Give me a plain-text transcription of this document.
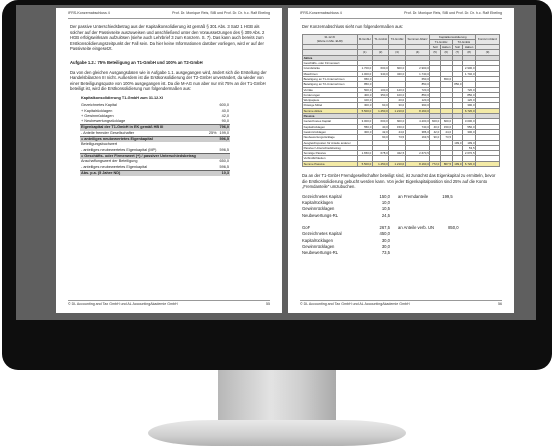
IFRS-Konzernabschluss 4	Prof. Dr. Monique Reis, StB und Prof. Dr. Dr. h.c. Ralf Ebeling

Der passive Unterschiedsbetrag aus der Kapitalkonsolidierung ist gemäß § 301 Abs. 3 Satz 1 HGB als solcher auf der Passivseite auszuweisen und anschließend unter den Voraussetzungen des § 309 Abs. 2 HGB erfolgswirksam aufzulösen (siehe auch Lehrbrief 3 zum Konzern. S. 7). Das kann auch bereits zum Erstkonsolidierungszeitpunkt der Fall sein. Da hier keine Informationen darüber vorliegen, wird er auf der Passivseite eingesetzt.

Aufgabe 1.2.: 75% Beteiligung an T1-GmbH und 100% an T2-GmbH

Da von den gleichen Ausgangsdaten wie in Aufgabe 1.1. ausgegangen wird, ändert sich die Erstellung der Handelsbilanzen III nicht. Außerdem ist die Erstkonsolidierung der T2-GmbH unverändert, da wieder von einer Beteiligungsquote von 100% ausgegangen ist. Da die M-AG nun aber nur mit 75% an der T1-GmbH beteiligt ist, wird die Erstkonsolidierung nun folgendermaßen aus:

Kapitalkonsolidierung T1-GmbH zum 31.12.XI		
Gezeichnetes Kapital		600,0
+ Kapitalrücklagen		40,0
+ Gewinnrücklagen		42,0
+ Neubewertungsrücklage		90,0
Eigenkapital der T1-GmbH in EK gemäß HB III		796,0
- Anteile fremder Gesellschafter	25%	199,0
= anteiliges neubewertetes Eigenkapital		596,5

Beteiligungsbuchwert		
- anteiliges neubewertetes Eigenkapital (MP)		596,5
= Geschäfts- oder Firmenwert (+) / passiver Unterschiedsbetrag		

Anschaffungswert der Beteiligung		650,0
- anteiliges neubewertetes Eigenkapital		596,5

Abs. p.a. (5 Jahre ND)		10,3
© DL Accounting and Tax GmbH und AL AccountingAkademie GmbH	55
IFRS-Konzernabschluss 4	Prof. Dr. Monique Reis, StB und Prof. Dr. Dr. h.c. Ralf Ebeling

Der Konzernabschluss sieht nun folgendermaßen aus:

31.12.XI
(Werte in Mio. EUR)	M-GmbH	T1-GmbH	T2-GmbH	Summen-bilanz	Kapitalkonsolidierung				Konzern-bilanz
					T1-GmbH		T2-GmbH		
					Soll	Haben	Soll	Haben	
	(1)	(2)	(3)	(4)	(5)	(6)	(7)	(8)	(9)
Aktiva									
Geschäfts- oder Firmenwert									
Grundstücke	1.700,0	600,0	600,0	2.900,0				2.900,0	
Maschinen	1.000,0	340,0	340,0	1.740,0				1.740,0	
Beteiligung an T1-Unternehmen	650,0			650,0		650,0			
Beteiligung an T2-Unternehmen	850,0			850,0			850,0		
Vorräte	500,0	100,0	120,0	720,0				720,0	
Forderungen	400,0	350,0	100,0	850,0				850,0	
Wertpapiere	100,0		20,0	120,0				120,0	
Flüssige Mittel	300,0	60,0	30,0	390,0				390,0	
Summe Aktiva	5.500,0	1.450,0	1.210,0	8.160,0				6.720,0	
Passiva									
Gezeichnetes Kapital	3.000,0	600,0	600,0	4.200,0	600,0	600,0		3.000,0	
Kapitalrücklagen	550,0	40,0	150,0	740,0	40,0	150,0		550,0	
Gewinnrücklagen	300,0	42,0	44,0	386,0	42,0	44,0		300,0	
Neubewertungsrücklage		90,0	73,5	163,5	90,0	73,5			
Ausgleichsposten für Anteile anderer							199,0	199,0	
Passiver Unterschiedsbetrag								53,5	
Sonstige Passiva	1.650,0	678,0	342,5	2.670,5				2.670,5	
Verbindlichkeiten									
Summe Passiva	5.500,0	1.450,0	1.210,0	8.160,0	772,0	867,5	199,0	6.720,0	

Da an der T1-GmbH Fremdgesellschafter beteiligt sind, ist zunächst das Eigenkapital zu ermitteln, bevor die Erstkonsolidierung gebucht werden kann. Von jeder Eigenkapitalposition sind 25% auf die Konto „Fremdanteile“ umzubuchen.

Gezeichnetes Kapital	150,0 an Fremdanteile	199,5
Kapitalrücklagen	10,0
Gewinnrücklagen	10,5
Neubewertungs-RL	24,5
GoF	267,5 an Anteile verb. UN	850,0
Gezeichnetes Kapital	450,0
Kapitalrücklagen	30,0
Gewinnrücklagen	30,0
Neubewertungs-RL	73,5
© DL Accounting and Tax GmbH und AL AccountingAkademie GmbH	56
